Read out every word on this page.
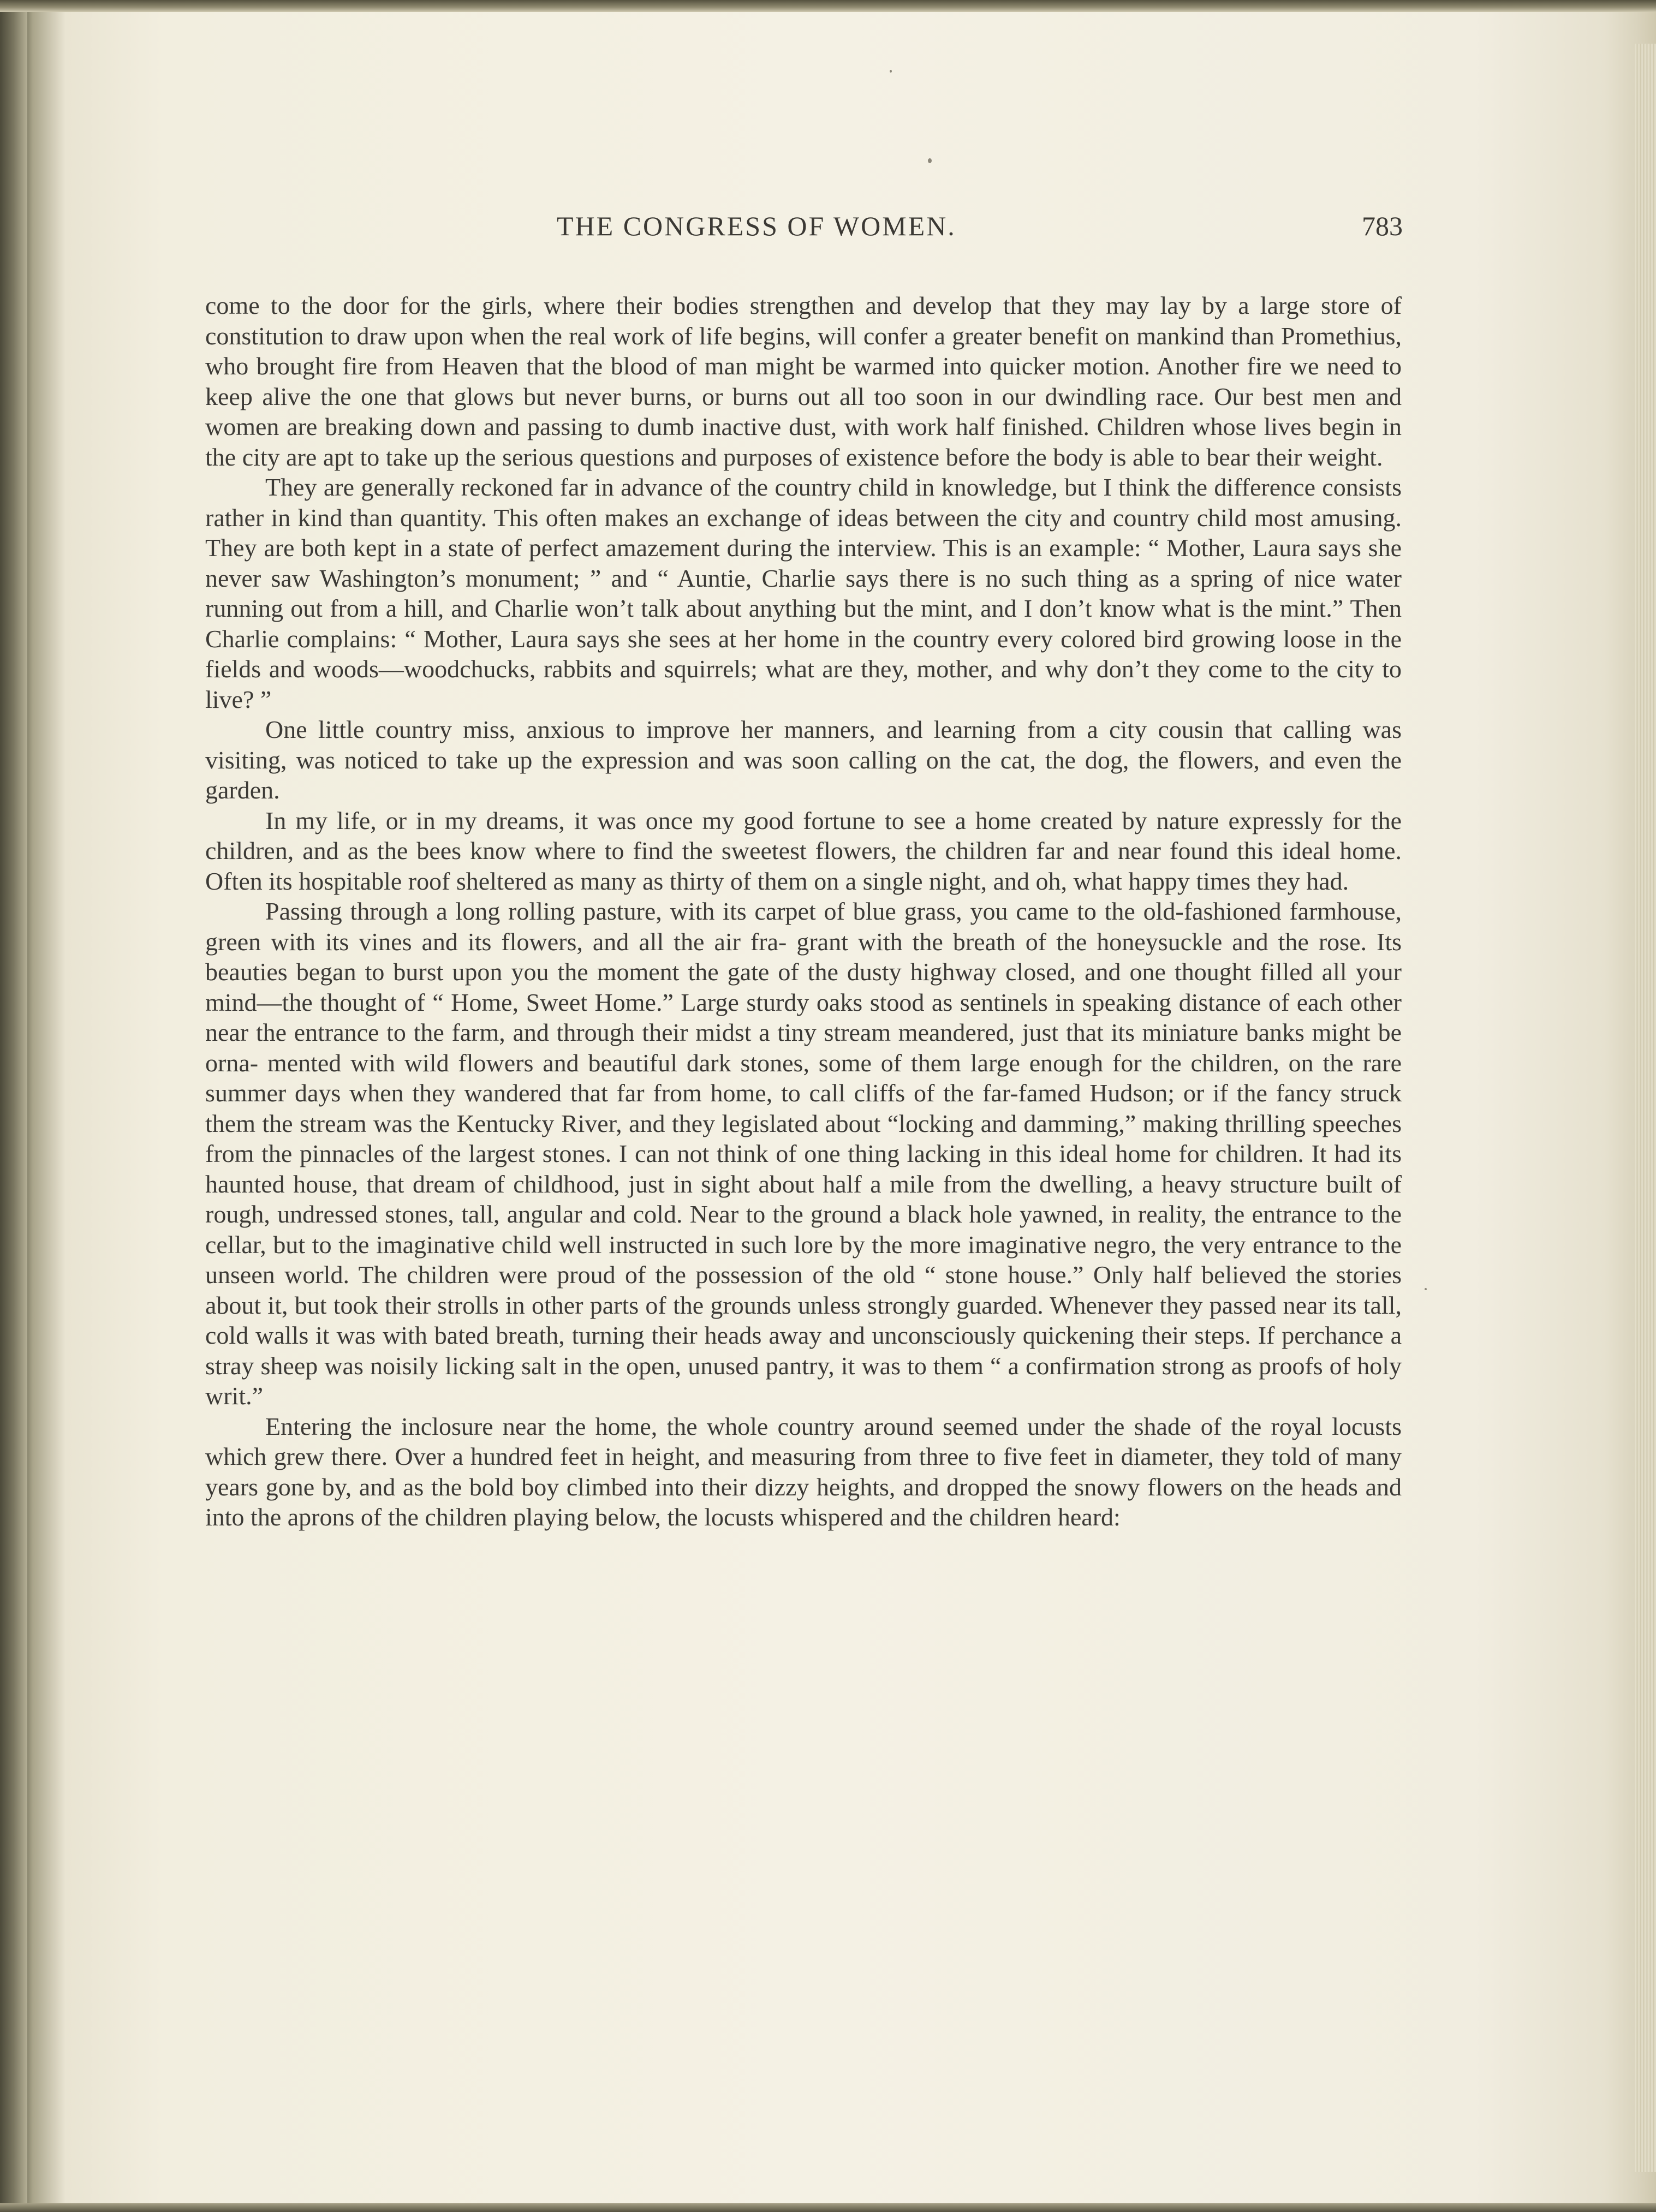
THE CONGRESS OF WOMEN.	783

come to the door for the girls, where their bodies strengthen and develop that they may lay by a large store of constitution to draw upon when the real work of life begins, will confer a greater benefit on mankind than Promethius, who brought fire from Heaven that the blood of man might be warmed into quicker motion. Another fire we need to keep alive the one that glows but never burns, or burns out all too soon in our dwindling race. Our best men and women are breaking down and passing to dumb inactive dust, with work half finished. Children whose lives begin in the city are apt to take up the serious questions and purposes of existence before the body is able to bear their weight.

They are generally reckoned far in advance of the country child in knowledge, but I think the difference consists rather in kind than quantity. This often makes an exchange of ideas between the city and country child most amusing. They are both kept in a state of perfect amazement during the interview. This is an example: “ Mother, Laura says she never saw Washington’s monument; ” and “ Auntie, Charlie says there is no such thing as a spring of nice water running out from a hill, and Charlie won’t talk about anything but the mint, and I don’t know what is the mint.” Then Charlie complains: “ Mother, Laura says she sees at her home in the country every colored bird growing loose in the fields and woods—woodchucks, rabbits and squirrels; what are they, mother, and why don’t they come to the city to live? ”

One little country miss, anxious to improve her manners, and learning from a city cousin that calling was visiting, was noticed to take up the expression and was soon calling on the cat, the dog, the flowers, and even the garden.

In my life, or in my dreams, it was once my good fortune to see a home created by nature expressly for the children, and as the bees know where to find the sweetest flowers, the children far and near found this ideal home. Often its hospitable roof sheltered as many as thirty of them on a single night, and oh, what happy times they had.

Passing through a long rolling pasture, with its carpet of blue grass, you came to the old-fashioned farmhouse, green with its vines and its flowers, and all the air fra- grant with the breath of the honeysuckle and the rose. Its beauties began to burst upon you the moment the gate of the dusty highway closed, and one thought filled all your mind—the thought of “ Home, Sweet Home.” Large sturdy oaks stood as sentinels in speaking distance of each other near the entrance to the farm, and through their midst a tiny stream meandered, just that its miniature banks might be orna- mented with wild flowers and beautiful dark stones, some of them large enough for the children, on the rare summer days when they wandered that far from home, to call cliffs of the far-famed Hudson; or if the fancy struck them the stream was the Kentucky River, and they legislated about “locking and damming,” making thrilling speeches from the pinnacles of the largest stones. I can not think of one thing lacking in this ideal home for children. It had its haunted house, that dream of childhood, just in sight about half a mile from the dwelling, a heavy structure built of rough, undressed stones, tall, angular and cold. Near to the ground a black hole yawned, in reality, the entrance to the cellar, but to the imaginative child well instructed in such lore by the more imaginative negro, the very entrance to the unseen world. The children were proud of the possession of the old “ stone house.” Only half believed the stories about it, but took their strolls in other parts of the grounds unless strongly guarded. Whenever they passed near its tall, cold walls it was with bated breath, turning their heads away and unconsciously quickening their steps. If perchance a stray sheep was noisily licking salt in the open, unused pantry, it was to them “ a confirmation strong as proofs of holy writ.”

Entering the inclosure near the home, the whole country around seemed under the shade of the royal locusts which grew there. Over a hundred feet in height, and measuring from three to five feet in diameter, they told of many years gone by, and as the bold boy climbed into their dizzy heights, and dropped the snowy flowers on the heads and into the aprons of the children playing below, the locusts whispered and the children heard:
